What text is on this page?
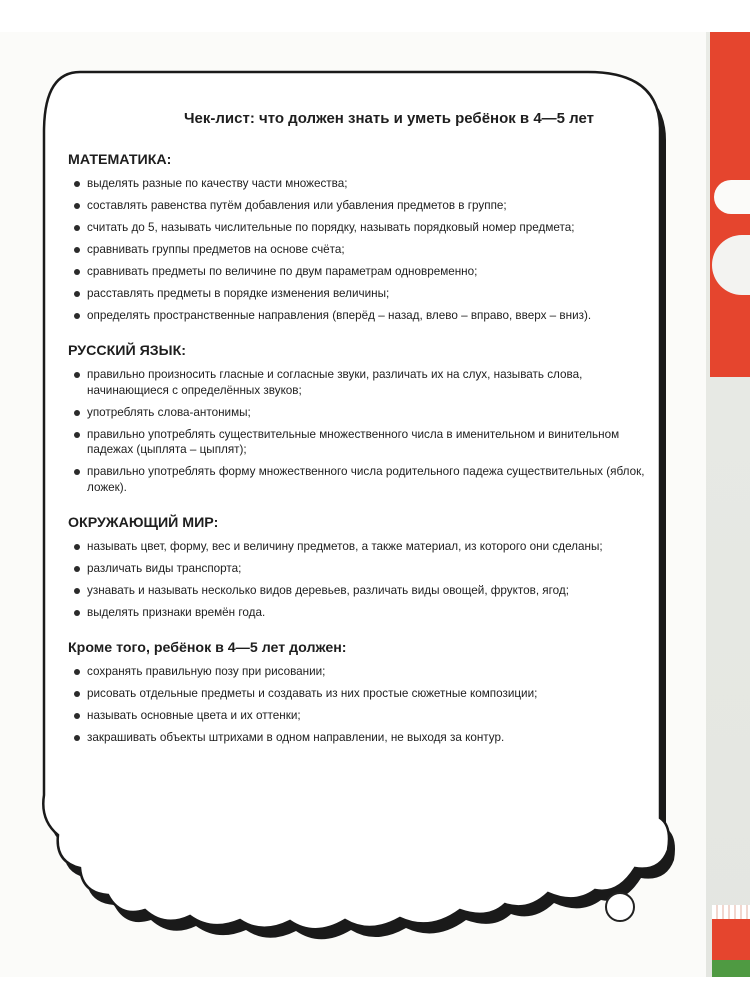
Чек-лист: что должен знать и уметь ребёнок в 4—5 лет
МАТЕМАТИКА:
выделять разные по качеству части множества;
составлять равенства путём добавления или убавления предметов в группе;
считать до 5, называть числительные по порядку, называть порядковый номер предмета;
сравнивать группы предметов на основе счёта;
сравнивать предметы по величине по двум параметрам одновременно;
расставлять предметы в порядке изменения величины;
определять пространственные направления (вперёд – назад, влево – вправо, вверх – вниз).
РУССКИЙ ЯЗЫК:
правильно произносить гласные и согласные звуки, различать их на слух, называть слова, начинающиеся с определённых звуков;
употреблять слова-антонимы;
правильно употреблять существительные множественного числа в именительном и винительном падежах (цыплята – цыплят);
правильно употреблять форму множественного числа родительного падежа существительных (яблок, ложек).
ОКРУЖАЮЩИЙ МИР:
называть цвет, форму, вес и величину предметов, а также материал, из которого они сделаны;
различать виды транспорта;
узнавать и называть несколько видов деревьев, различать виды овощей, фруктов, ягод;
выделять признаки времён года.
Кроме того, ребёнок в 4—5 лет должен:
сохранять правильную позу при рисовании;
рисовать отдельные предметы и создавать из них простые сюжетные композиции;
называть основные цвета и их оттенки;
закрашивать объекты штрихами в одном направлении, не выходя за контур.
